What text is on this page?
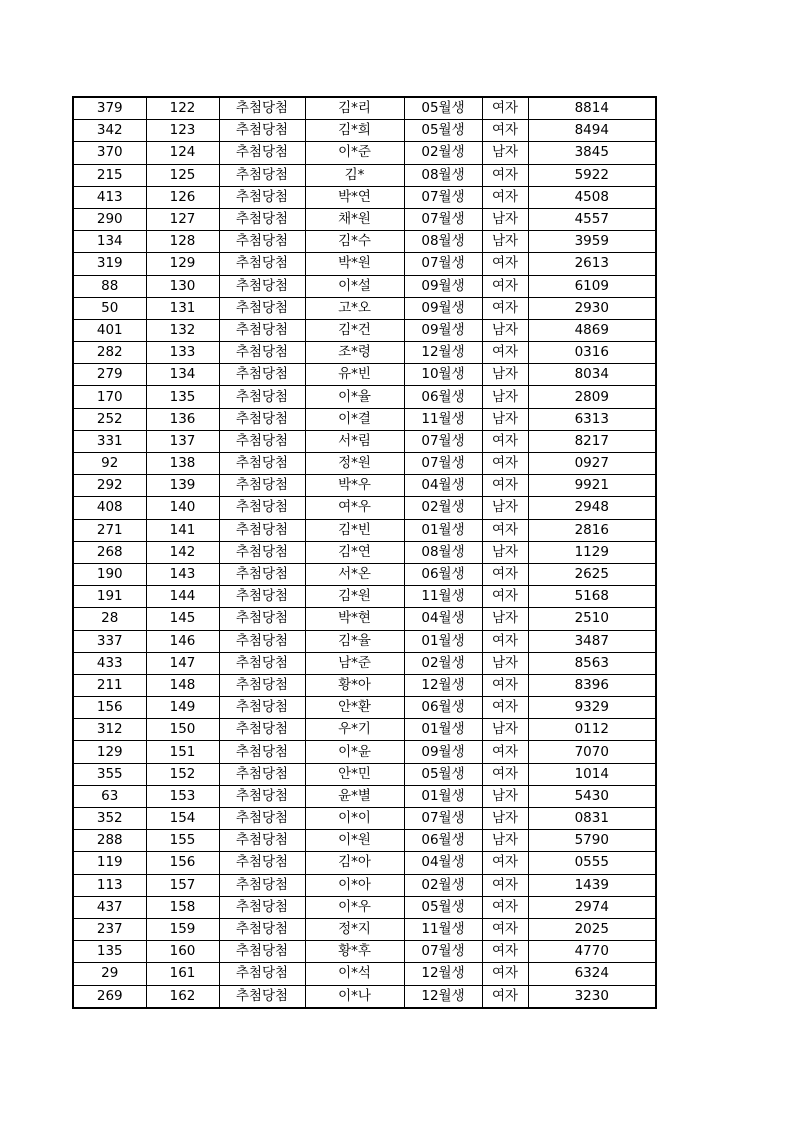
379	122	추첨당첨	김*리	05월생	여자	8814
342	123	추첨당첨	김*희	05월생	여자	8494
370	124	추첨당첨	이*준	02월생	남자	3845
215	125	추첨당첨	김*	08월생	여자	5922
413	126	추첨당첨	박*연	07월생	여자	4508
290	127	추첨당첨	채*원	07월생	남자	4557
134	128	추첨당첨	김*수	08월생	남자	3959
319	129	추첨당첨	박*원	07월생	여자	2613
88	130	추첨당첨	이*설	09월생	여자	6109
50	131	추첨당첨	고*오	09월생	여자	2930
401	132	추첨당첨	김*건	09월생	남자	4869
282	133	추첨당첨	조*령	12월생	여자	0316
279	134	추첨당첨	유*빈	10월생	남자	8034
170	135	추첨당첨	이*율	06월생	남자	2809
252	136	추첨당첨	이*결	11월생	남자	6313
331	137	추첨당첨	서*림	07월생	여자	8217
92	138	추첨당첨	정*원	07월생	여자	0927
292	139	추첨당첨	박*우	04월생	여자	9921
408	140	추첨당첨	여*우	02월생	남자	2948
271	141	추첨당첨	김*빈	01월생	여자	2816
268	142	추첨당첨	김*연	08월생	남자	1129
190	143	추첨당첨	서*온	06월생	여자	2625
191	144	추첨당첨	김*원	11월생	여자	5168
28	145	추첨당첨	박*현	04월생	남자	2510
337	146	추첨당첨	김*율	01월생	여자	3487
433	147	추첨당첨	남*준	02월생	남자	8563
211	148	추첨당첨	황*아	12월생	여자	8396
156	149	추첨당첨	안*환	06월생	여자	9329
312	150	추첨당첨	우*기	01월생	남자	0112
129	151	추첨당첨	이*윤	09월생	여자	7070
355	152	추첨당첨	안*민	05월생	여자	1014
63	153	추첨당첨	윤*별	01월생	남자	5430
352	154	추첨당첨	이*이	07월생	남자	0831
288	155	추첨당첨	이*원	06월생	남자	5790
119	156	추첨당첨	김*아	04월생	여자	0555
113	157	추첨당첨	이*아	02월생	여자	1439
437	158	추첨당첨	이*우	05월생	여자	2974
237	159	추첨당첨	정*지	11월생	여자	2025
135	160	추첨당첨	황*후	07월생	여자	4770
29	161	추첨당첨	이*석	12월생	여자	6324
269	162	추첨당첨	이*나	12월생	여자	3230
